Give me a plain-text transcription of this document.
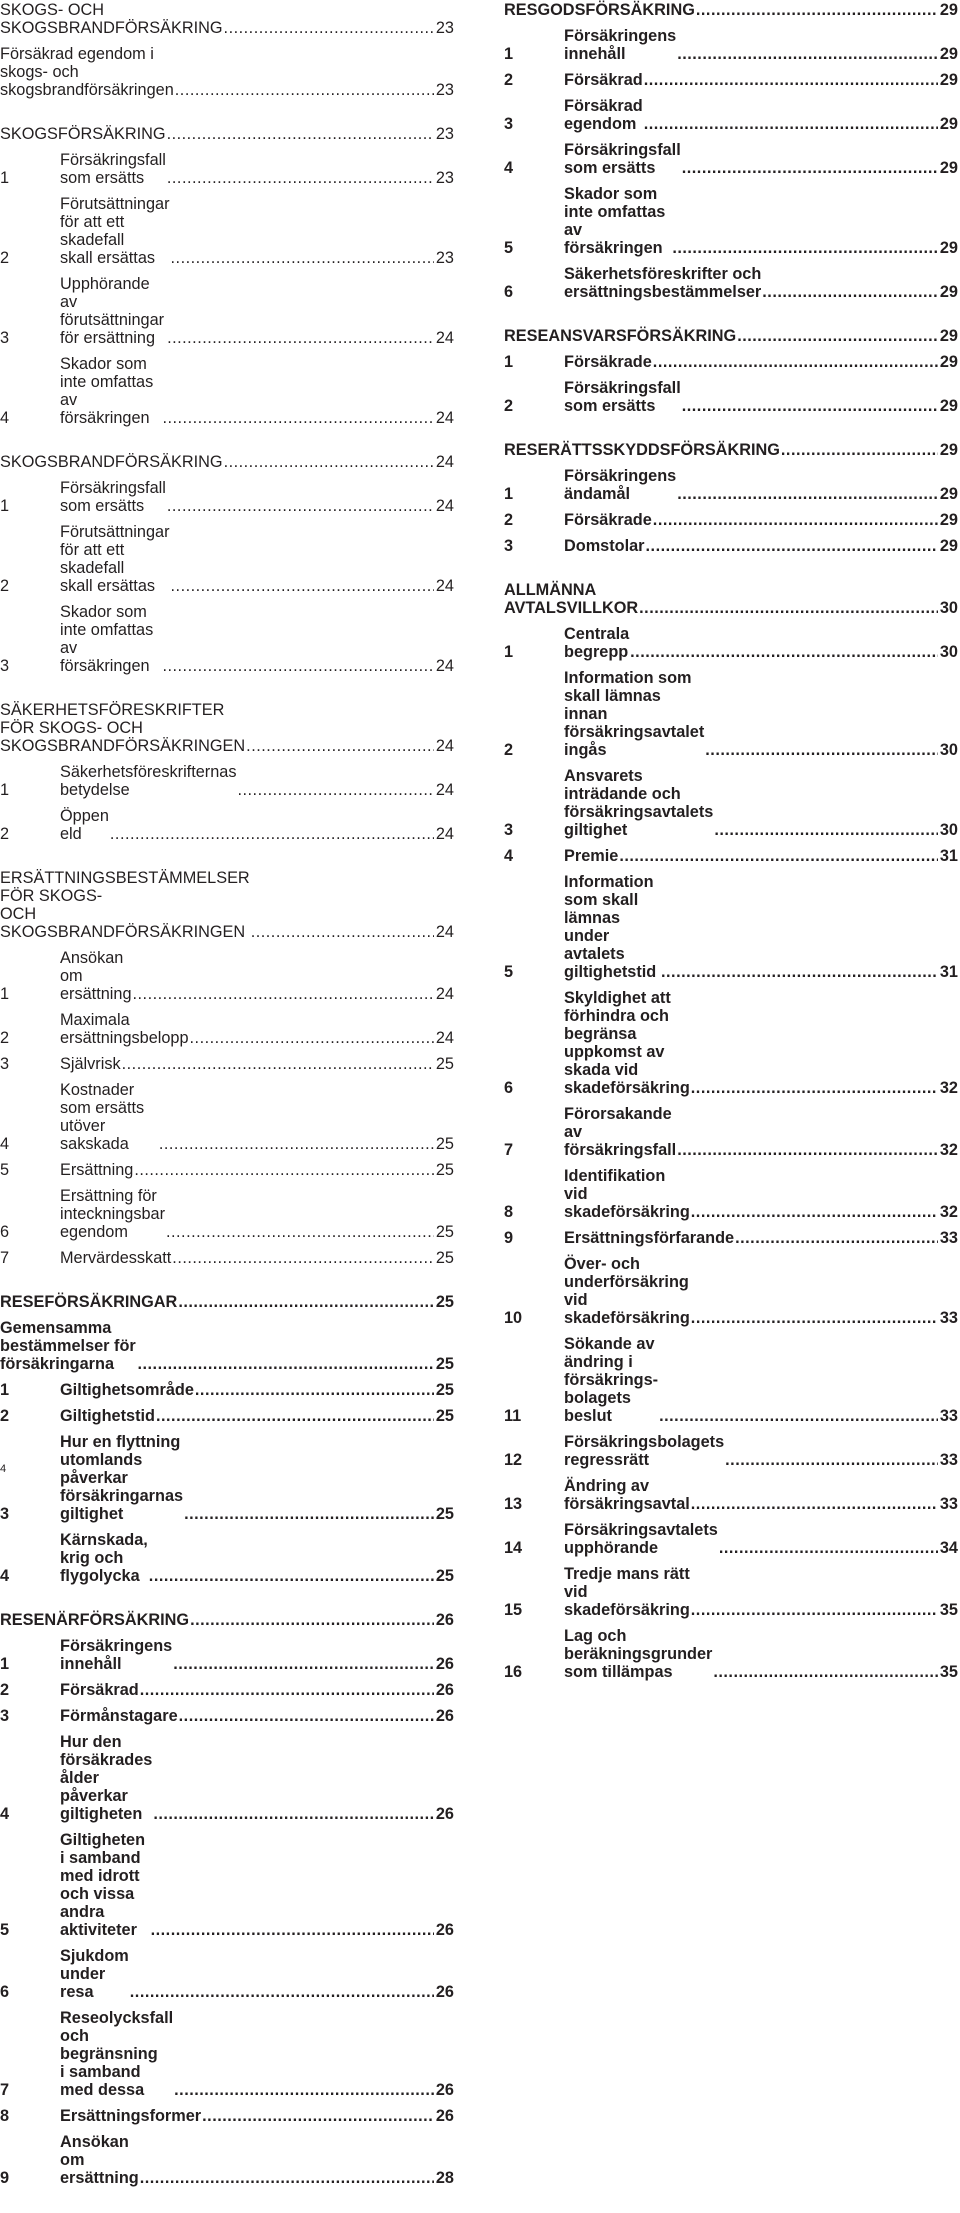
SKOGS- OCH SKOGSBRANDFÖRSÄKRING .....	23
Försäkrad egendom i skogs- och
skogsbrandförsäkringen .....	23
SKOGSFÖRSÄKRING .....	23
1
Försäkringsfall som ersätts .....	23
2
Förutsättningar för att ett skadefall
skall ersättas .....	23
3
Upphörande av förutsättningar för ersättning .....	24
4
Skador som inte omfattas av försäkringen .....	24
SKOGSBRANDFÖRSÄKRING .....	24
1
Försäkringsfall som ersätts .....	24
2
Förutsättningar för att ett skadefall
skall ersättas .....	24
3
Skador som inte omfattas av försäkringen .....	24
SÄKERHETSFÖRESKRIFTER FÖR SKOGS- OCH
SKOGSBRANDFÖRSÄKRINGEN .....	24
1
Säkerhetsföreskrifternas betydelse .....	24
2
Öppen eld .....	24
ERSÄTTNINGSBESTÄMMELSER FÖR SKOGS-
OCH SKOGSBRANDFÖRSÄKRINGEN .....	24
1
Ansökan om ersättning .....	24
2
Maximala ersättningsbelopp .....	24
3	Självrisk .....	25
4
Kostnader som ersätts utöver sakskada .....	25
5	Ersättning .....	25
6
Ersättning för inteckningsbar egendom .....	25
7	Mervärdesskatt .....	25
RESEFÖRSÄKRINGAR .....	25
Gemensamma bestämmelser för försäkringarna .....	25
1	Giltighetsområde .....	25
2	Giltighetstid .....	25
3
Hur en flyttning utomlands påverkar
försäkringarnas giltighet .....	25
4
Kärnskada, krig och flygolycka .....	25
RESENÄRFÖRSÄKRING .....	26
1
Försäkringens innehåll .....	26
2	Försäkrad .....	26
3	Förmånstagare .....	26
4
Hur den försäkrades ålder
påverkar giltigheten .....	26
5
Giltigheten i samband med idrott
och vissa andra aktiviteter .....	26
6
Sjukdom under resa .....	26
7
Reseolycksfall och begränsning
i samband med dessa .....	26
8	Ersättningsformer .....	26
9
Ansökan om ersättning .....	28
RESGODSFÖRSÄKRING .....	29
1
Försäkringens innehåll .....	29
2	Försäkrad .....	29
3
Försäkrad egendom .....	29
4
Försäkringsfall som ersätts .....	29
5
Skador som inte omfattas av försäkringen .....	29
6
Säkerhetsföreskrifter och
ersättningsbestämmelser .....	29
RESEANSVARSFÖRSÄKRING .....	29
1	Försäkrade .....	29
2
Försäkringsfall som ersätts .....	29
RESERÄTTSSKYDDSFÖRSÄKRING .....	29
1
Försäkringens ändamål .....	29
2	Försäkrade .....	29
3	Domstolar .....	29
ALLMÄNNA AVTALSVILLKOR .....	30
1
Centrala begrepp .....	30
2
Information som skall lämnas innan
försäkringsavtalet ingås .....	30
3
Ansvarets inträdande och
försäkringsavtalets giltighet .....	30
4	Premie .....	31
5
Information som skall lämnas under
avtalets giltighetstid .....	31
6
Skyldighet att förhindra och begränsa
uppkomst av skada vid skadeförsäkring .....	32
7
Förorsakande av försäkringsfall .....	32
8
Identifikation vid skadeförsäkring .....	32
9	Ersättningsförfarande .....	33
10
Över- och underförsäkring vid
skadeförsäkring .....	33
11
Sökande av ändring i försäkrings-
bolagets beslut .....	33
12
Försäkringsbolagets regressrätt .....	33
13
Ändring av försäkringsavtal .....	33
14
Försäkringsavtalets upphörande .....	34
15
Tredje mans rätt vid skadeförsäkring .....	35
16
Lag och beräkningsgrunder som tillämpas .....	35
4
